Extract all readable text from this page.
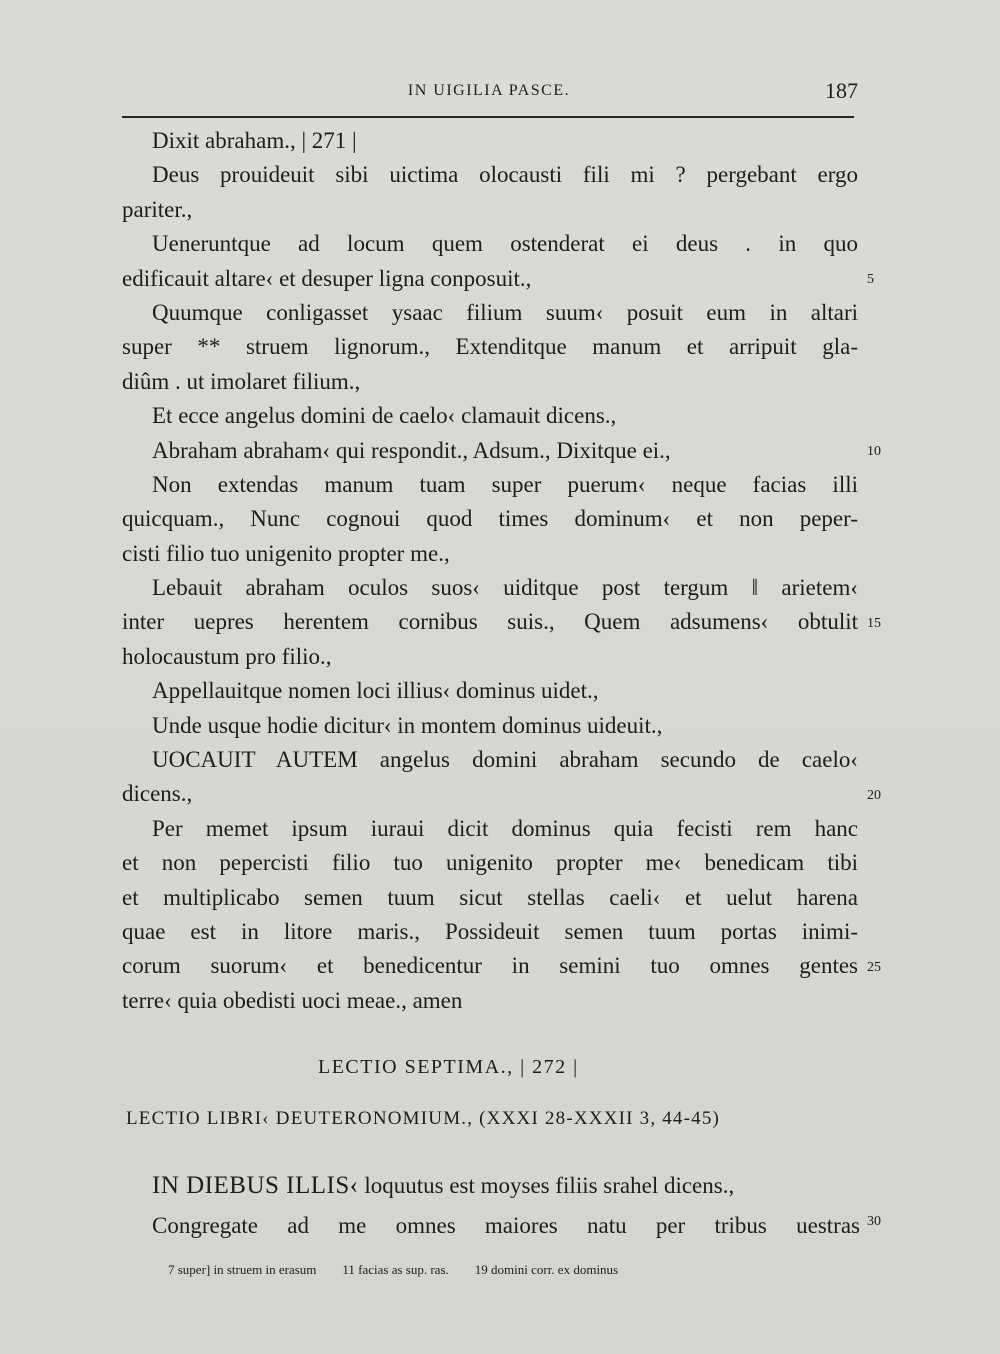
IN UIGILIA PASCE.	187
Dixit abraham., | 271 |
Deus prouideuit sibi uictima olocausti fili mi ? pergebant ergo
pariter.,
Ueneruntque ad locum quem ostenderat ei deus . in quo
edificauit altare‹ et desuper ligna conposuit.,
Quumque conligasset ysaac filium suum‹ posuit eum in altari
super ** struem lignorum., Extenditque manum et arripuit gla-
diûm . ut imolaret filium.,
Et ecce angelus domini de caelo‹ clamauit dicens.,
Abraham abraham‹ qui respondit., Adsum., Dixitque ei.,
Non extendas manum tuam super puerum‹ neque facias illi
quicquam., Nunc cognoui quod times dominum‹ et non peper-
cisti filio tuo unigenito propter me.,
Lebauit abraham oculos suos‹ uiditque post tergum ‖ arietem‹
inter uepres herentem cornibus suis., Quem adsumens‹ obtulit
holocaustum pro filio.,
Appellauitque nomen loci illius‹ dominus uidet.,
Unde usque hodie dicitur‹ in montem dominus uideuit.,
UOCAUIT AUTEM angelus domini abraham secundo de caelo‹
dicens.,
Per memet ipsum iuraui dicit dominus quia fecisti rem hanc
et non pepercisti filio tuo unigenito propter me‹ benedicam tibi
et multiplicabo semen tuum sicut stellas caeli‹ et uelut harena
quae est in litore maris., Possideuit semen tuum portas inimi-
corum suorum‹ et benedicentur in semini tuo omnes gentes
terre‹ quia obedisti uoci meae., amen
5
10
15
20
25
LECTIO SEPTIMA., | 272 |
LECTIO LIBRI‹ DEUTERONOMIUM., (XXXI 28-XXXII 3, 44-45)
IN DIEBUS ILLIS‹ loquutus est moyses filiis srahel dicens.,
Congregate ad me omnes maiores natu per tribus uestras 30
7 super] in struem in erasum 11 facias as sup. ras. 19 domini corr. ex dominus
